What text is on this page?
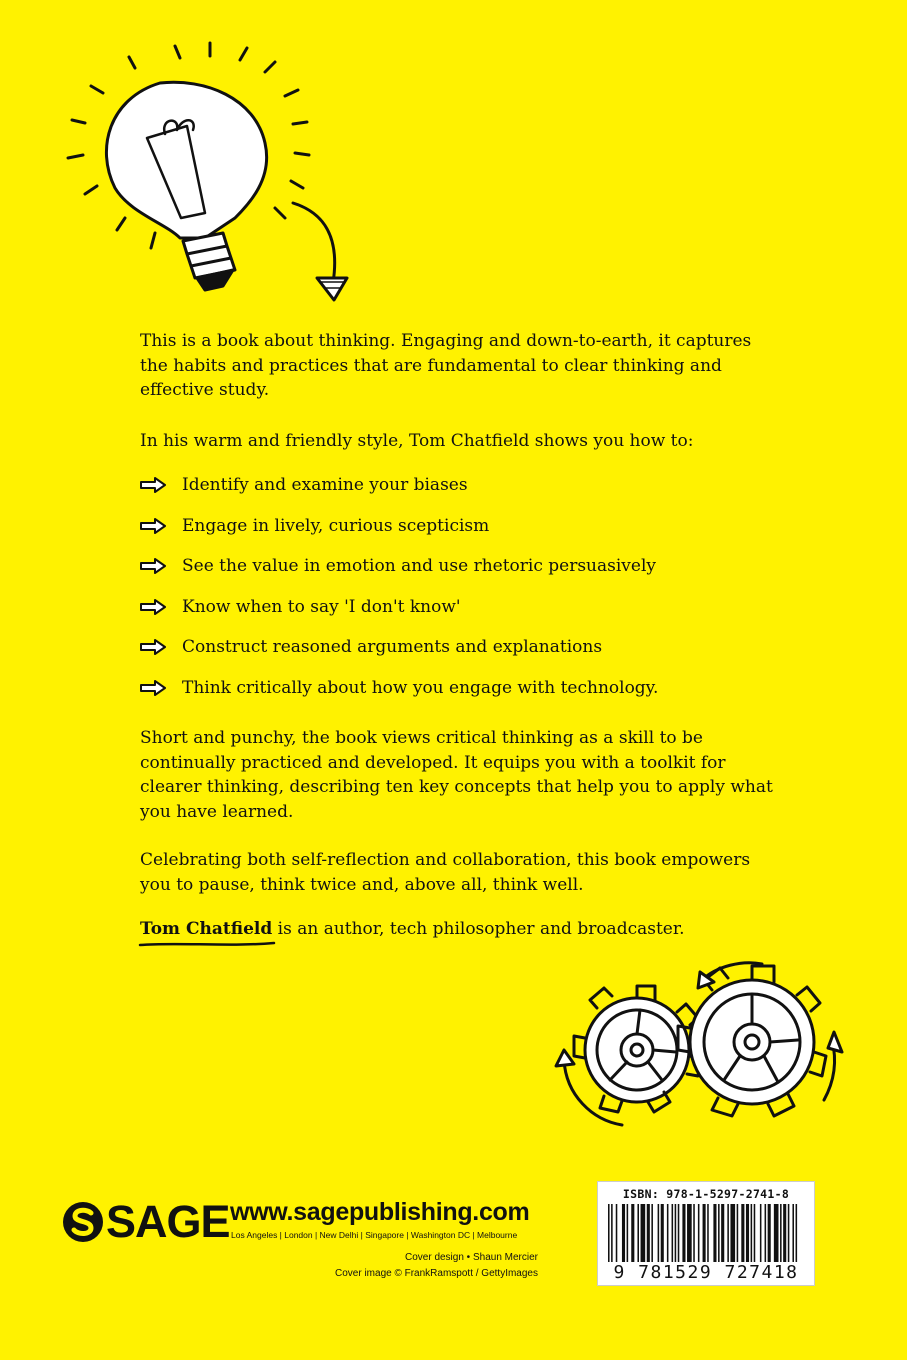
This is a book about thinking. Engaging and down-to-earth, it captures the habits and practices that are fundamental to clear thinking and effective study.

In his warm and friendly style, Tom Chatfield shows you how to:

Identify and examine your biases
Engage in lively, curious scepticism
See the value in emotion and use rhetoric persuasively
Know when to say 'I don't know'
Construct reasoned arguments and explanations
Think critically about how you engage with technology.

Short and punchy, the book views critical thinking as a skill to be continually practiced and developed. It equips you with a toolkit for clearer thinking, describing ten key concepts that help you to apply what you have learned.

Celebrating both self-reflection and collaboration, this book empowers you to pause, think twice and, above all, think well.

Tom Chatfield
is an author, tech philosopher and broadcaster.

SAGE www.sagepublishing.com
Los Angeles | London | New Delhi | Singapore | Washington DC | Melbourne
Cover design • Shaun Mercier
Cover image © FrankRamspott / GettyImages
ISBN: 978-1-5297-2741-8
9 781529 727418
